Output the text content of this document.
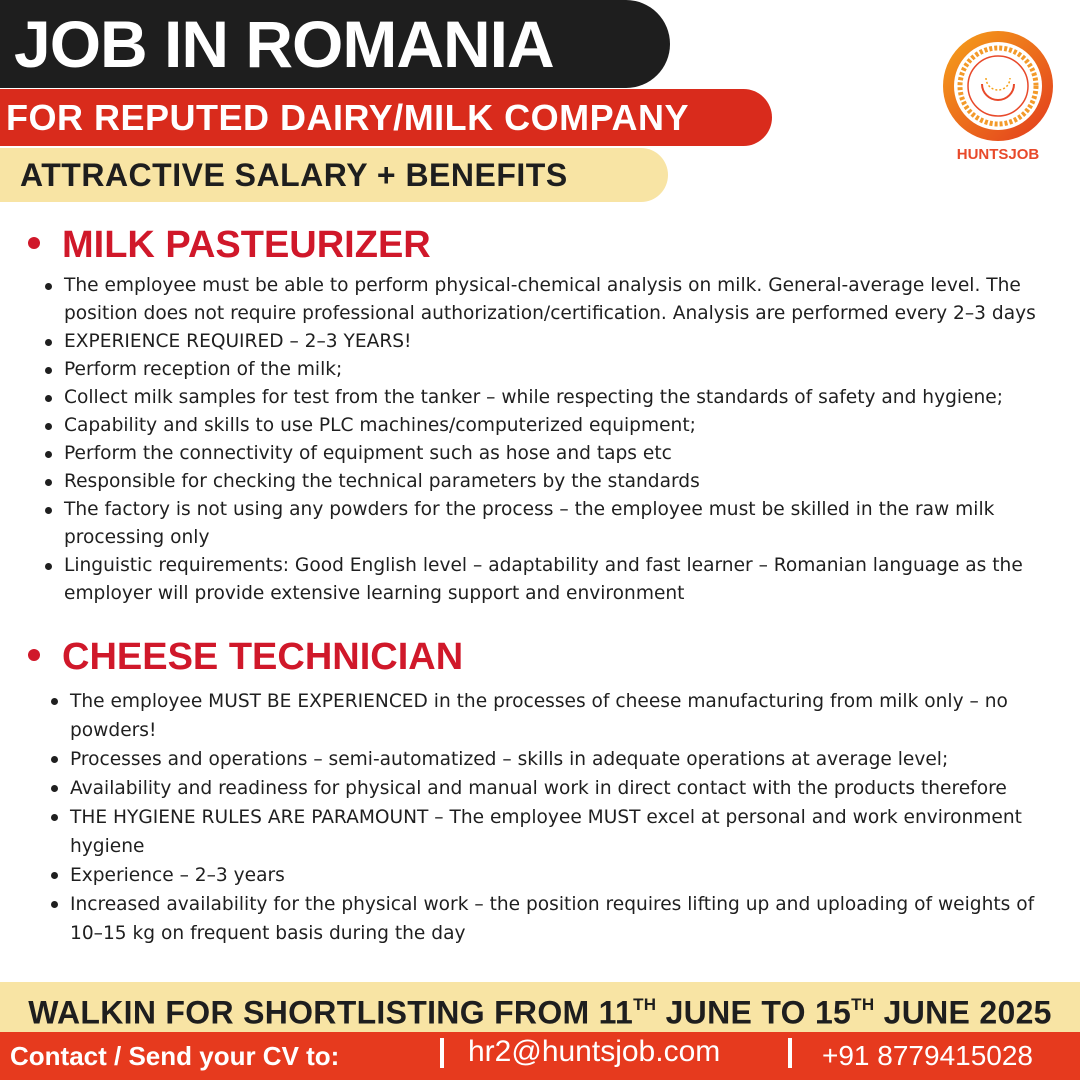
JOB IN ROMANIA
FOR REPUTED DAIRY/MILK COMPANY
ATTRACTIVE SALARY + BENEFITS
HUNTSJOB
MILK PASTEURIZER
The employee must be able to perform physical-chemical analysis on milk. General-average level. The position does not require professional authorization/certification. Analysis are performed every 2–3 days
EXPERIENCE REQUIRED – 2–3 YEARS!
Perform reception of the milk;
Collect milk samples for test from the tanker – while respecting the standards of safety and hygiene;
Capability and skills to use PLC machines/computerized equipment;
Perform the connectivity of equipment such as hose and taps etc
Responsible for checking the technical parameters by the standards
The factory is not using any powders for the process – the employee must be skilled in the raw milk processing only
Linguistic requirements: Good English level – adaptability and fast learner – Romanian language as the employer will provide extensive learning support and environment
CHEESE TECHNICIAN
The employee MUST BE EXPERIENCED in the processes of cheese manufacturing from milk only – no powders!
Processes and operations – semi-automatized – skills in adequate operations at average level;
Availability and readiness for physical and manual work in direct contact with the products therefore
THE HYGIENE RULES ARE PARAMOUNT – The employee MUST excel at personal and work environment hygiene
Experience – 2–3 years
Increased availability for the physical work – the position requires lifting up and uploading of weights of 10–15 kg on frequent basis during the day

WALKIN FOR SHORTLISTING FROM 11TH JUNE TO 15TH JUNE 2025

Contact / Send your CV to:	hr2@huntsjob.com	+91 8779415028
